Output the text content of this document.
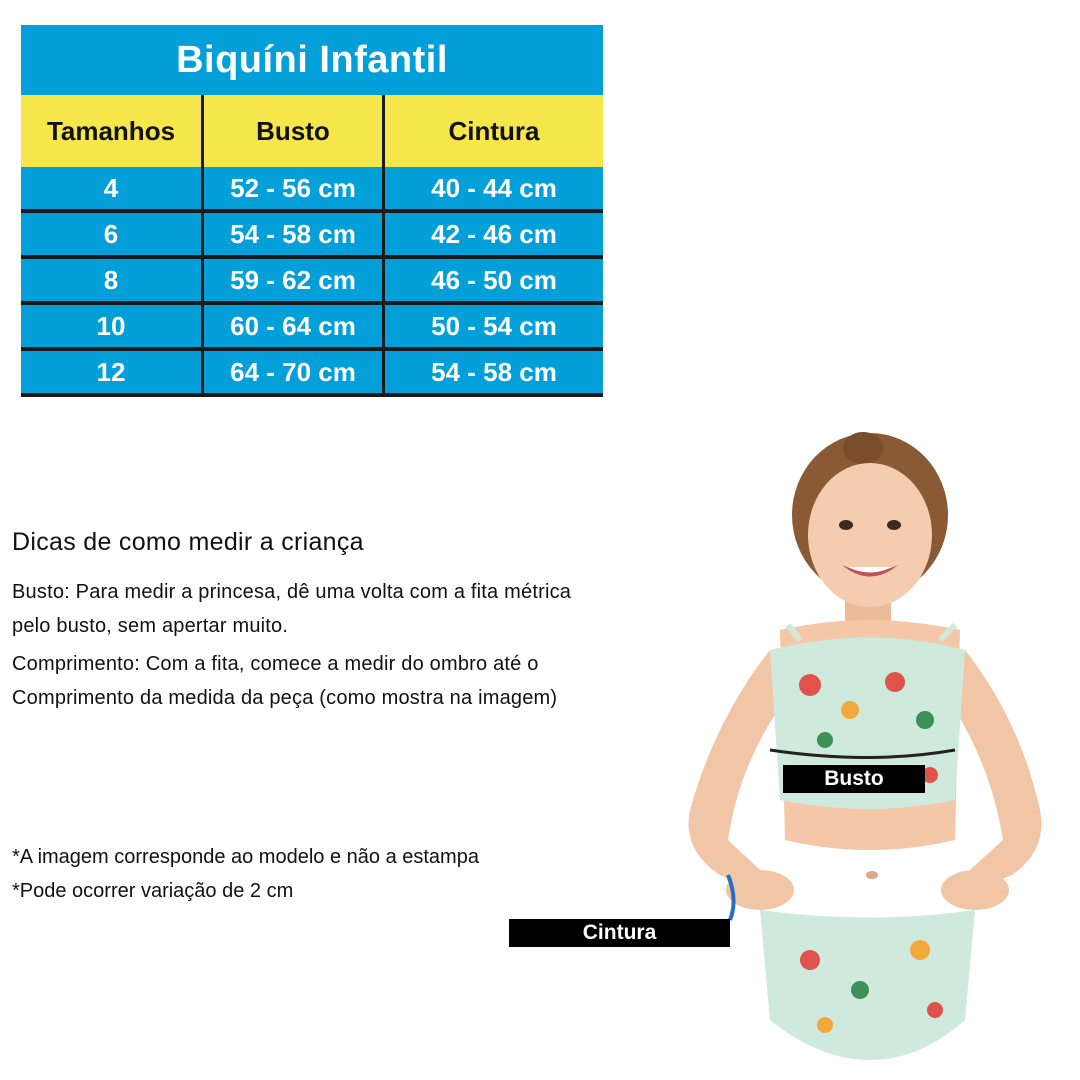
Biquíni Infantil
Tamanhos	Busto	Cintura
4	52 - 56 cm	40 - 44 cm
6	54 - 58 cm	42 - 46 cm
8	59 - 62 cm	46 - 50 cm
10	60 - 64 cm	50 - 54 cm
12	64 - 70 cm	54 - 58 cm

Dicas de como medir a criança

Busto: Para medir a princesa, dê uma volta com a fita métrica

pelo busto, sem apertar muito.

Comprimento: Com a fita, comece a medir do ombro até o

Comprimento da medida da peça (como mostra na imagem)

*A imagem corresponde ao modelo e não a estampa
*Pode ocorrer variação de 2 cm
Busto
Cintura
